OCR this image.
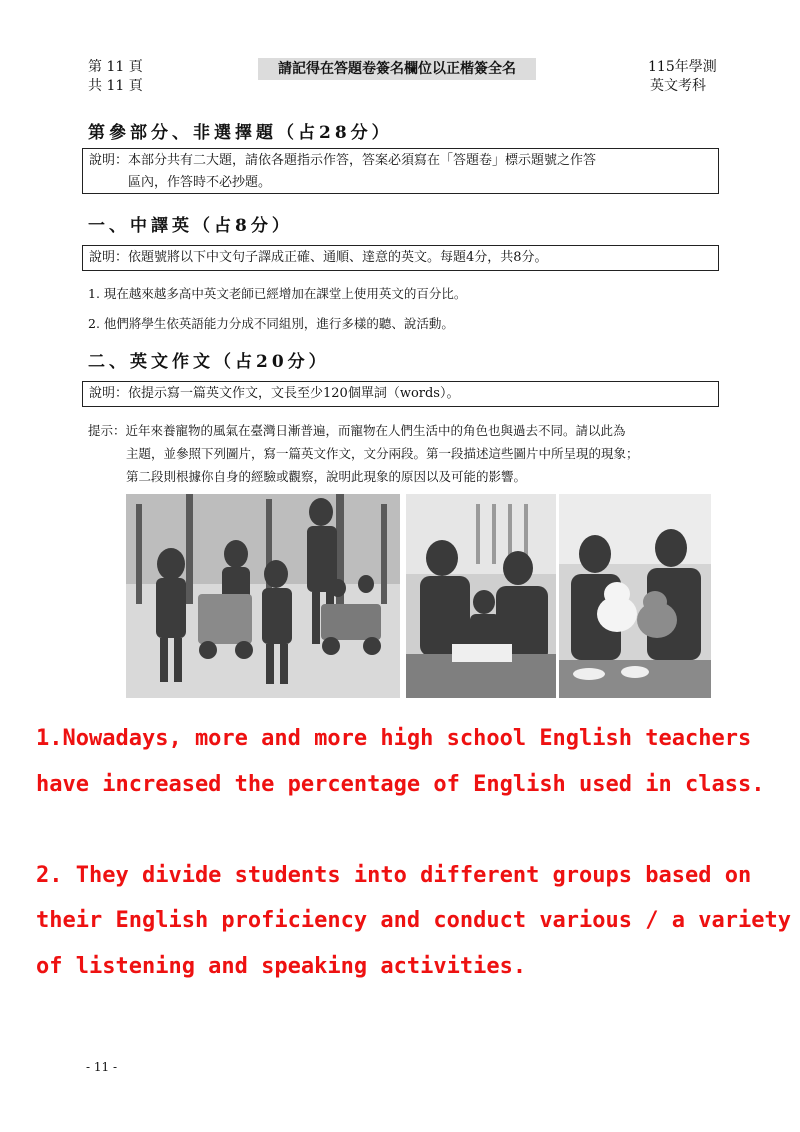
第 11 頁
共 11 頁
請記得在答題卷簽名欄位以正楷簽全名	115年學測
英文考科
第參部分、非選擇題（占28分）
說明：本部分共有二大題，請依各題指示作答，答案必須寫在「答題卷」標示題號之作答
區內，作答時不必抄題。
一、中譯英（占8分）
說明：依題號將以下中文句子譯成正確、通順、達意的英文。每題4分，共8分。
1. 現在越來越多高中英文老師已經增加在課堂上使用英文的百分比。
2. 他們將學生依英語能力分成不同組別，進行多樣的聽、說活動。
二、英文作文（占20分）
說明：依提示寫一篇英文作文，文長至少120個單詞（words）。
提示：近年來養寵物的風氣在臺灣日漸普遍，而寵物在人們生活中的角色也與過去不同。請以此為
主題，並參照下列圖片，寫一篇英文作文，文分兩段。第一段描述這些圖片中所呈現的現象；
第二段則根據你自身的經驗或觀察，說明此現象的原因以及可能的影響。
1.Nowadays, more and more high school English teachers
have increased the percentage of English used in class.
2. They divide students into different groups based on
their English proficiency and conduct various / a variety
of listening and speaking activities.
- 11 -
